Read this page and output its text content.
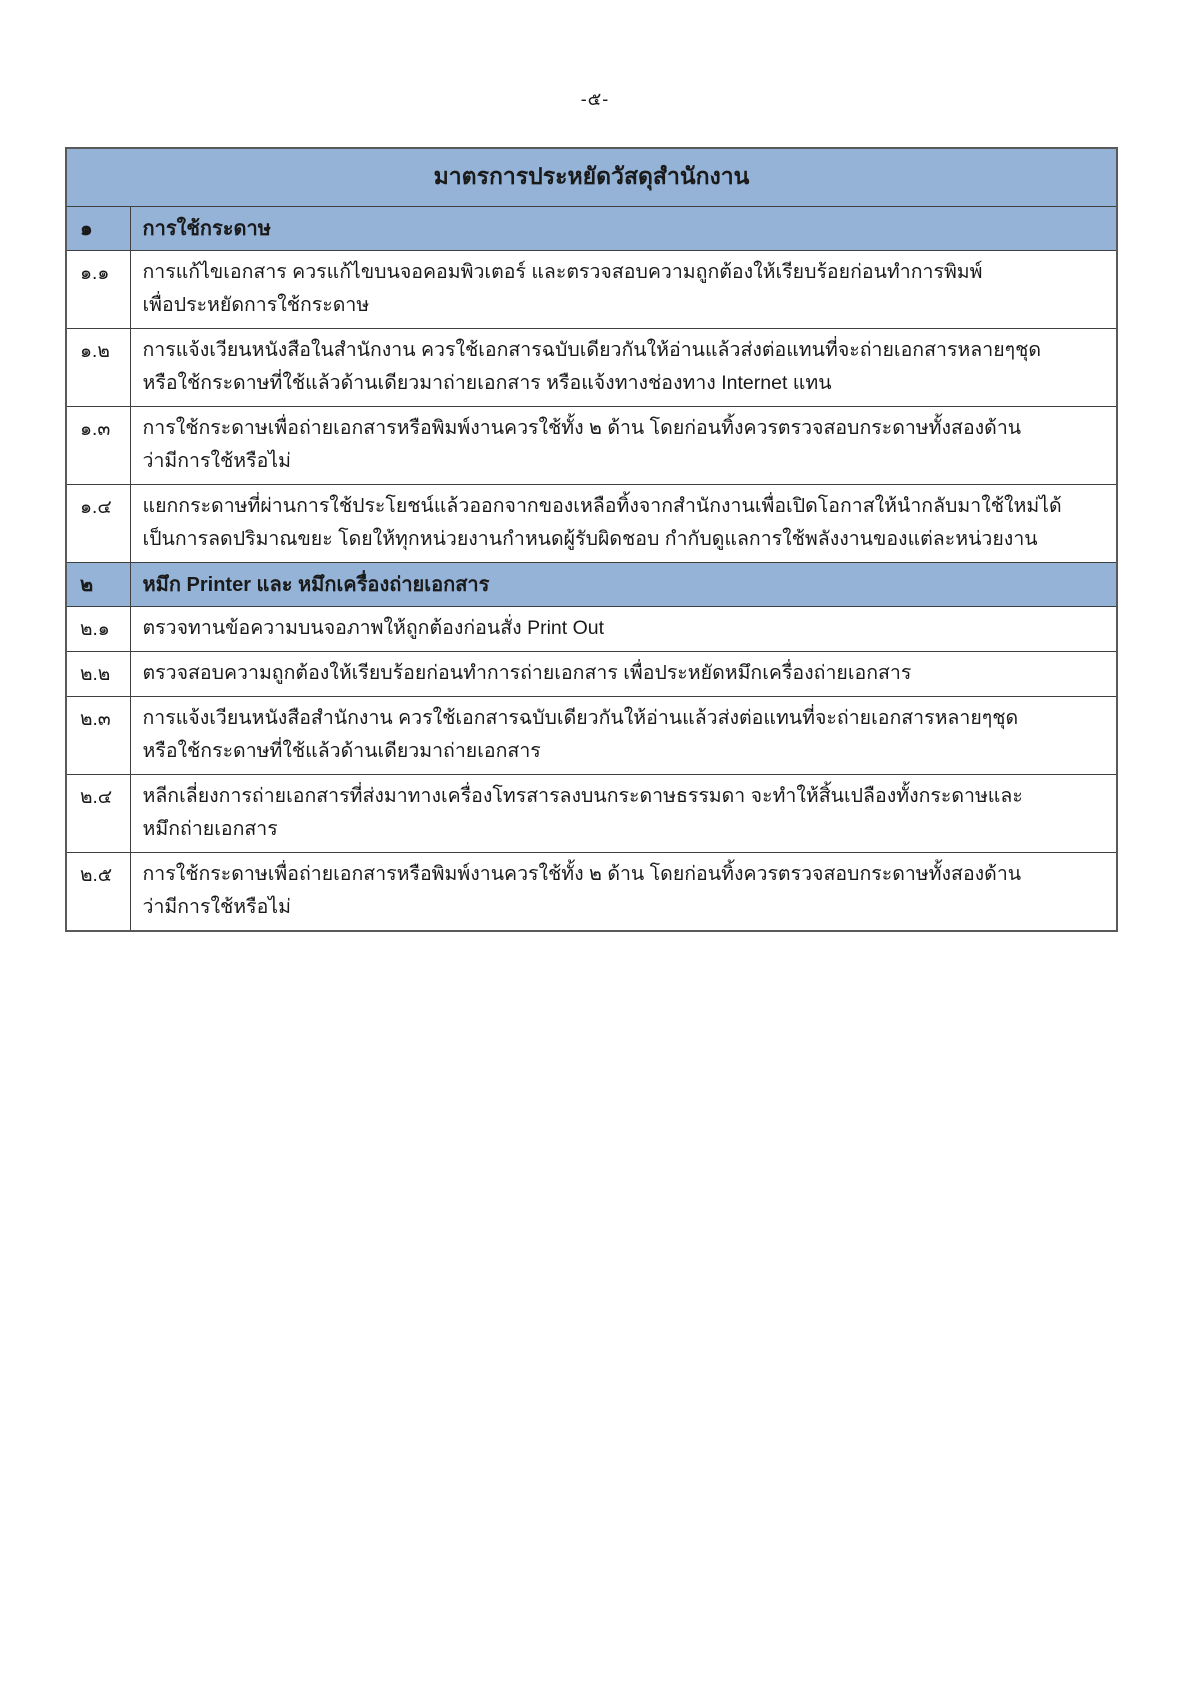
-๕-
มาตรการประหยัดวัสดุสำนักงาน	
๑	การใช้กระดาษ
๑.๑	การแก้ไขเอกสาร ควรแก้ไขบนจอคอมพิวเตอร์ และตรวจสอบความถูกต้องให้เรียบร้อยก่อนทำการพิมพ์
เพื่อประหยัดการใช้กระดาษ

๑.๒	การแจ้งเวียนหนังสือในสำนักงาน ควรใช้เอกสารฉบับเดียวกันให้อ่านแล้วส่งต่อแทนที่จะถ่ายเอกสารหลายๆชุด
หรือใช้กระดาษที่ใช้แล้วด้านเดียวมาถ่ายเอกสาร หรือแจ้งทางช่องทาง Internet แทน

๑.๓	การใช้กระดาษเพื่อถ่ายเอกสารหรือพิมพ์งานควรใช้ทั้ง ๒ ด้าน โดยก่อนทิ้งควรตรวจสอบกระดาษทั้งสองด้าน
ว่ามีการใช้หรือไม่

๑.๔	แยกกระดาษที่ผ่านการใช้ประโยชน์แล้วออกจากของเหลือทิ้งจากสำนักงานเพื่อเปิดโอกาสให้นำกลับมาใช้ใหม่ได้
เป็นการลดปริมาณขยะ โดยให้ทุกหน่วยงานกำหนดผู้รับผิดชอบ กำกับดูแลการใช้พลังงานของแต่ละหน่วยงาน

๒	หมึก Printer และ หมึกเครื่องถ่ายเอกสาร
๒.๑	ตรวจทานข้อความบนจอภาพให้ถูกต้องก่อนสั่ง Print Out

๒.๒	ตรวจสอบความถูกต้องให้เรียบร้อยก่อนทำการถ่ายเอกสาร เพื่อประหยัดหมึกเครื่องถ่ายเอกสาร

๒.๓	การแจ้งเวียนหนังสือสำนักงาน ควรใช้เอกสารฉบับเดียวกันให้อ่านแล้วส่งต่อแทนที่จะถ่ายเอกสารหลายๆชุด
หรือใช้กระดาษที่ใช้แล้วด้านเดียวมาถ่ายเอกสาร

๒.๔	หลีกเลี่ยงการถ่ายเอกสารที่ส่งมาทางเครื่องโทรสารลงบนกระดาษธรรมดา จะทำให้สิ้นเปลืองทั้งกระดาษและ
หมึกถ่ายเอกสาร

๒.๕	การใช้กระดาษเพื่อถ่ายเอกสารหรือพิมพ์งานควรใช้ทั้ง ๒ ด้าน โดยก่อนทิ้งควรตรวจสอบกระดาษทั้งสองด้าน
ว่ามีการใช้หรือไม่
